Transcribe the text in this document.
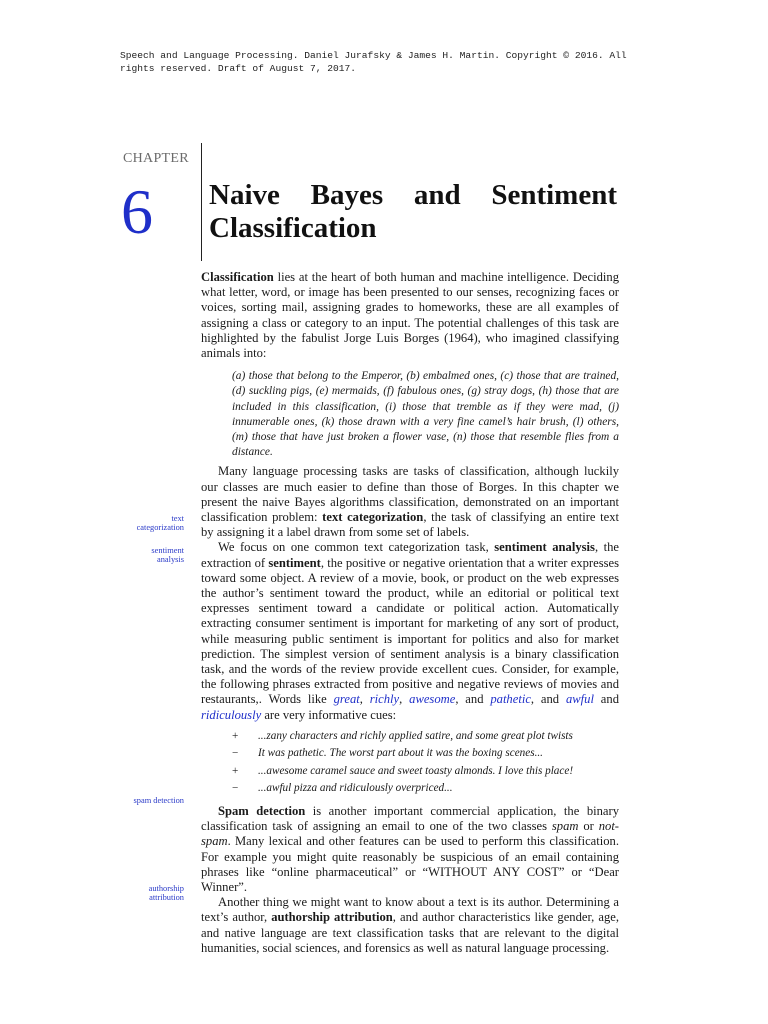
Speech and Language Processing. Daniel Jurafsky & James H. Martin. Copyright © 2016. All
rights reserved. Draft of August 7, 2017.
CHAPTER
6 Naive Bayes and Sentiment Classification
text
categorization
sentiment
analysis
spam detection
authorship
attribution

Classification lies at the heart of both human and machine intelligence. Deciding what letter, word, or image has been presented to our senses, recognizing faces or voices, sorting mail, assigning grades to homeworks, these are all examples of assigning a class or category to an input. The potential challenges of this task are highlighted by the fabulist Jorge Luis Borges (1964), who imagined classifying animals into:

(a) those that belong to the Emperor, (b) embalmed ones, (c) those that are trained, (d) suckling pigs, (e) mermaids, (f) fabulous ones, (g) stray dogs, (h) those that are included in this classification, (i) those that tremble as if they were mad, (j) innumerable ones, (k) those drawn with a very fine camel’s hair brush, (l) others, (m) those that have just broken a flower vase, (n) those that resemble flies from a distance.

Many language processing tasks are tasks of classification, although luckily our classes are much easier to define than those of Borges. In this chapter we present the naive Bayes algorithms classification, demonstrated on an important classification problem: text categorization, the task of classifying an entire text by assigning it a label drawn from some set of labels.

We focus on one common text categorization task, sentiment analysis, the extraction of sentiment, the positive or negative orientation that a writer expresses toward some object. A review of a movie, book, or product on the web expresses the author’s sentiment toward the product, while an editorial or political text expresses sentiment toward a candidate or political action. Automatically extracting consumer sentiment is important for marketing of any sort of product, while measuring public sentiment is important for politics and also for market prediction. The simplest version of sentiment analysis is a binary classification task, and the words of the review provide excellent cues. Consider, for example, the following phrases extracted from positive and negative reviews of movies and restaurants,. Words like great, richly, awesome, and pathetic, and awful and ridiculously are very informative cues:

+	...zany characters and richly applied satire, and some great plot twists
−	It was pathetic. The worst part about it was the boxing scenes...
+	...awesome caramel sauce and sweet toasty almonds. I love this place!
−	...awful pizza and ridiculously overpriced...

Spam detection is another important commercial application, the binary classification task of assigning an email to one of the two classes spam or not-spam. Many lexical and other features can be used to perform this classification. For example you might quite reasonably be suspicious of an email containing phrases like “online pharmaceutical” or “WITHOUT ANY COST” or “Dear Winner”.

Another thing we might want to know about a text is its author. Determining a text’s author, authorship attribution, and author characteristics like gender, age, and native language are text classification tasks that are relevant to the digital humanities, social sciences, and forensics as well as natural language processing.
